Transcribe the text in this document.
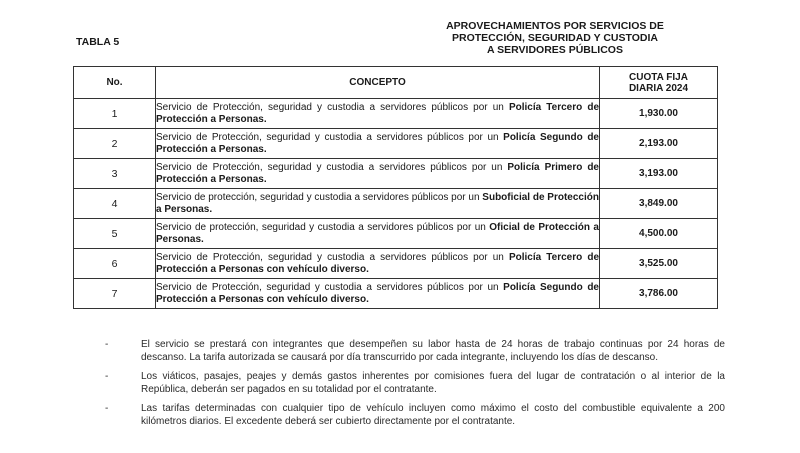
TABLA 5
APROVECHAMIENTOS POR SERVICIOS DE
PROTECCIÓN, SEGURIDAD Y CUSTODIA
A SERVIDORES PÚBLICOS
No.	CONCEPTO	CUOTA FIJA
DIARIA 2024

1	Servicio de Protección, seguridad y custodia a servidores públicos por un Policía Tercero de Protección a Personas.	1,930.00
2	Servicio de Protección, seguridad y custodia a servidores públicos por un Policía Segundo de Protección a Personas.	2,193.00
3	Servicio de Protección, seguridad y custodia a servidores públicos por un Policía Primero de Protección a Personas.	3,193.00
4	Servicio de protección, seguridad y custodia a servidores públicos por un Suboficial de Protección a Personas.	3,849.00
5	Servicio de protección, seguridad y custodia a servidores públicos por un Oficial de Protección a Personas.	4,500.00
6	Servicio de Protección, seguridad y custodia a servidores públicos por un Policía Tercero de Protección a Personas con vehículo diverso.	3,525.00
7	Servicio de Protección, seguridad y custodia a servidores públicos por un Policía Segundo de Protección a Personas con vehículo diverso.	3,786.00
-	El servicio se prestará con integrantes que desempeñen su labor hasta de 24 horas de trabajo continuas por 24 horas de descanso. La tarifa autorizada se causará por día transcurrido por cada integrante, incluyendo los días de descanso.
-	Los viáticos, pasajes, peajes y demás gastos inherentes por comisiones fuera del lugar de contratación o al interior de la República, deberán ser pagados en su totalidad por el contratante.
-	Las tarifas determinadas con cualquier tipo de vehículo incluyen como máximo el costo del combustible equivalente a 200 kilómetros diarios. El excedente deberá ser cubierto directamente por el contratante.
